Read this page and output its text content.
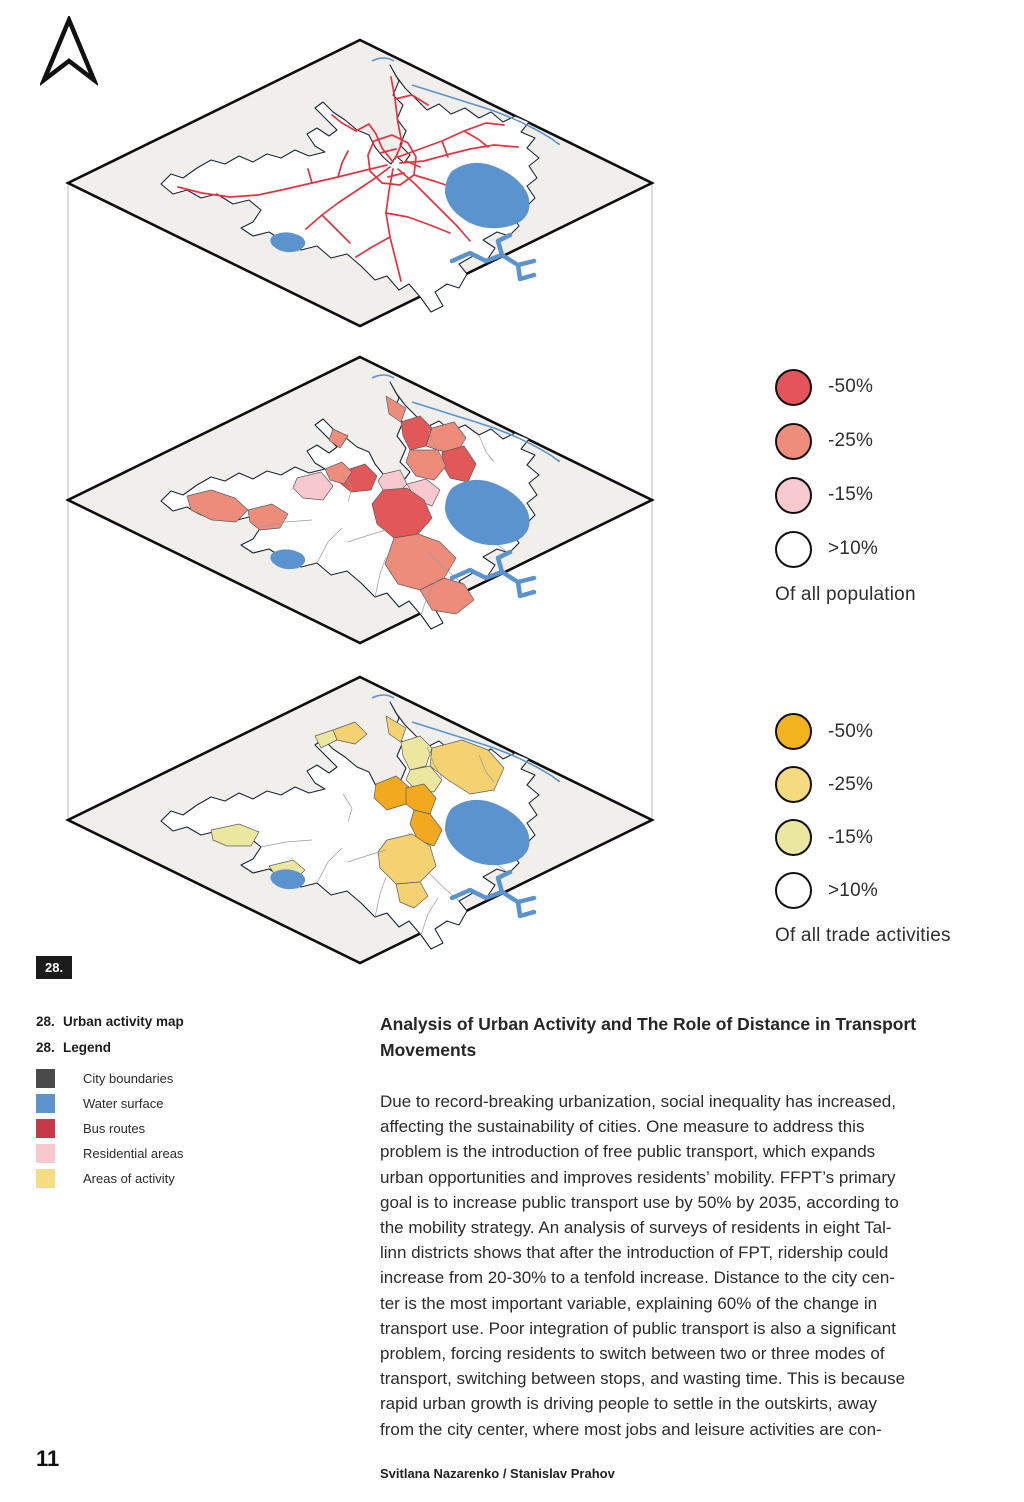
-50%
-25%
-15%
>10%
Of all population
-50%
-25%
-15%
>10%
Of all trade activities
28.
28. Urban activity map
28. Legend
City boundaries
Water surface
Bus routes
Residential areas
Areas of activity
Analysis of Urban Activity and The Role of Distance in Transport
Movements
Due to record-breaking urbanization, social inequality has increased,
affecting the sustainability of cities. One measure to address this
problem is the introduction of free public transport, which expands
urban opportunities and improves residents’ mobility. FFPT’s primary
goal is to increase public transport use by 50% by 2035, according to
the mobility strategy. An analysis of surveys of residents in eight Tal-
linn districts shows that after the introduction of FPT, ridership could
increase from 20-30% to a tenfold increase. Distance to the city cen-
ter is the most important variable, explaining 60% of the change in
transport use. Poor integration of public transport is also a significant
problem, forcing residents to switch between two or three modes of
transport, switching between stops, and wasting time. This is because
rapid urban growth is driving people to settle in the outskirts, away
from the city center, where most jobs and leisure activities are con-
11
Svitlana Nazarenko / Stanislav Prahov
